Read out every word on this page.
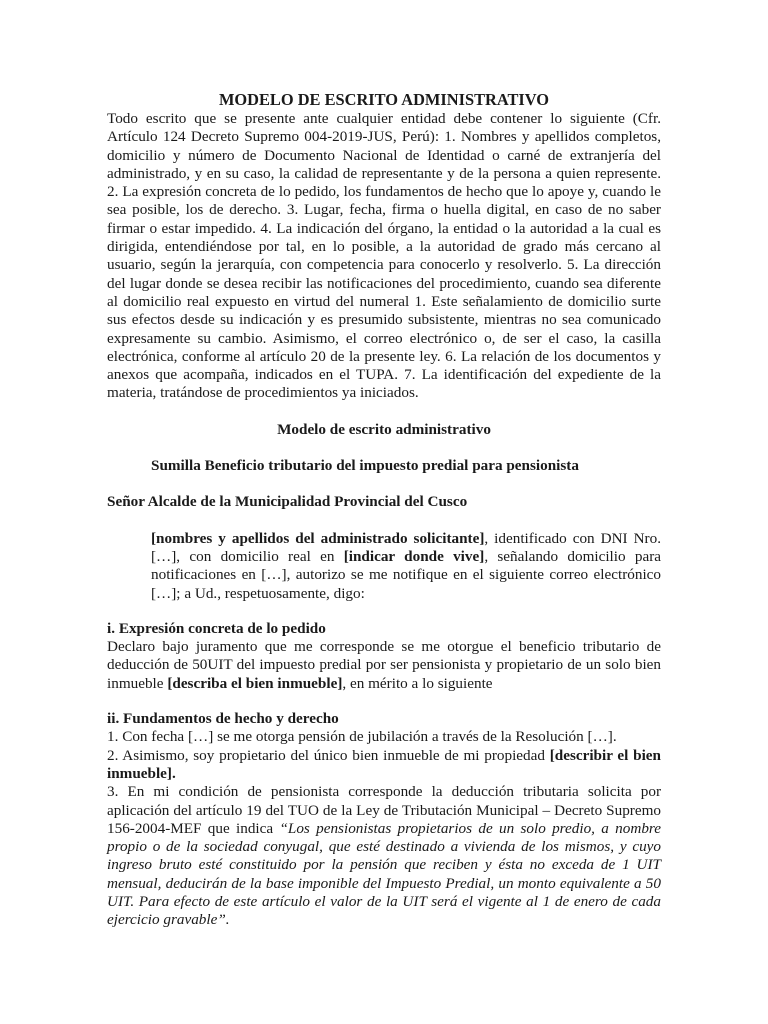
MODELO DE ESCRITO ADMINISTRATIVO

Todo escrito que se presente ante cualquier entidad debe contener lo siguiente (Cfr. Artículo 124 Decreto Supremo 004-2019-JUS, Perú): 1. Nombres y apellidos completos, domicilio y número de Documento Nacional de Identidad o carné de extranjería del administrado, y en su caso, la calidad de representante y de la persona a quien represente. 2. La expresión concreta de lo pedido, los fundamentos de hecho que lo apoye y, cuando le sea posible, los de derecho. 3. Lugar, fecha, firma o huella digital, en caso de no saber firmar o estar impedido. 4. La indicación del órgano, la entidad o la autoridad a la cual es dirigida, entendiéndose por tal, en lo posible, a la autoridad de grado más cercano al usuario, según la jerarquía, con competencia para conocerlo y resolverlo. 5. La dirección del lugar donde se desea recibir las notificaciones del procedimiento, cuando sea diferente al domicilio real expuesto en virtud del numeral 1. Este señalamiento de domicilio surte sus efectos desde su indicación y es presumido subsistente, mientras no sea comunicado expresamente su cambio. Asimismo, el correo electrónico o, de ser el caso, la casilla electrónica, conforme al artículo 20 de la presente ley. 6. La relación de los documentos y anexos que acompaña, indicados en el TUPA. 7. La identificación del expediente de la materia, tratándose de procedimientos ya iniciados.

Modelo de escrito administrativo

Sumilla Beneficio tributario del impuesto predial para pensionista

Señor Alcalde de la Municipalidad Provincial del Cusco

[nombres y apellidos del administrado solicitante], identificado con DNI Nro. […], con domicilio real en [indicar donde vive], señalando domicilio para notificaciones en […], autorizo se me notifique en el siguiente correo electrónico […]; a Ud., respetuosamente, digo:

i. Expresión concreta de lo pedido

Declaro bajo juramento que me corresponde se me otorgue el beneficio tributario de deducción de 50UIT del impuesto predial por ser pensionista y propietario de un solo bien inmueble [describa el bien inmueble], en mérito a lo siguiente

ii. Fundamentos de hecho y derecho

1. Con fecha […] se me otorga pensión de jubilación a través de la Resolución […].

2. Asimismo, soy propietario del único bien inmueble de mi propiedad [describir el bien inmueble].

3. En mi condición de pensionista corresponde la deducción tributaria solicita por aplicación del artículo 19 del TUO de la Ley de Tributación Municipal – Decreto Supremo 156-2004-MEF que indica “Los pensionistas propietarios de un solo predio, a nombre propio o de la sociedad conyugal, que esté destinado a vivienda de los mismos, y cuyo ingreso bruto esté constituido por la pensión que reciben y ésta no exceda de 1 UIT mensual, deducirán de la base imponible del Impuesto Predial, un monto equivalente a 50 UIT. Para efecto de este artículo el valor de la UIT será el vigente al 1 de enero de cada ejercicio gravable”.
